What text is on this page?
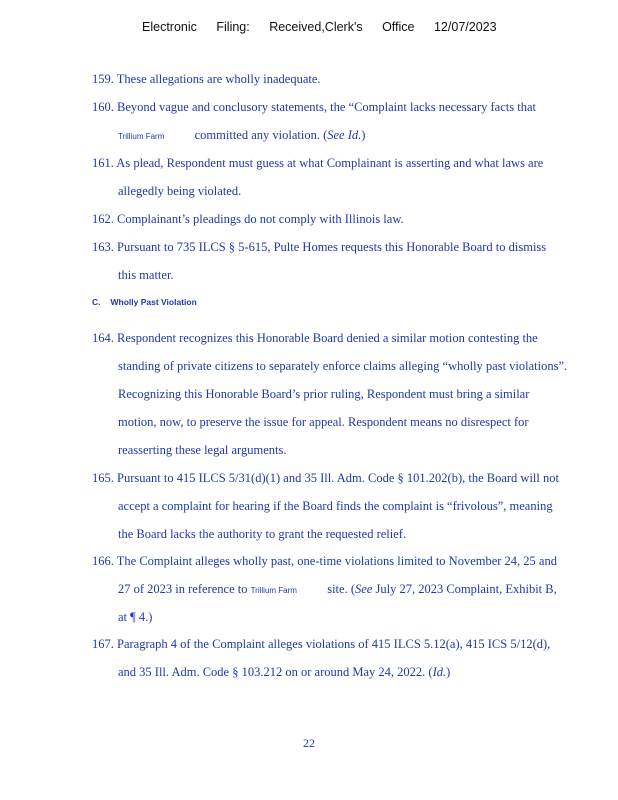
Electronic Filing: Received,Clerk's Office 12/07/2023
159. These allegations are wholly inadequate.
160. Beyond vague and conclusory statements, the “Complaint lacks necessary facts that
Trillium Farm committed any violation. (See Id.)
161. As plead, Respondent must guess at what Complainant is asserting and what laws are
allegedly being violated.
162. Complainant’s pleadings do not comply with Illinois law.
163. Pursuant to 735 ILCS § 5-615, Pulte Homes requests this Honorable Board to dismiss
this matter.
C. Wholly Past Violation
164. Respondent recognizes this Honorable Board denied a similar motion contesting the
standing of private citizens to separately enforce claims alleging “wholly past violations”.
Recognizing this Honorable Board’s prior ruling, Respondent must bring a similar
motion, now, to preserve the issue for appeal. Respondent means no disrespect for
reasserting these legal arguments.
165. Pursuant to 415 ILCS 5/31(d)(1) and 35 Ill. Adm. Code § 101.202(b), the Board will not
accept a complaint for hearing if the Board finds the complaint is “frivolous”, meaning
the Board lacks the authority to grant the requested relief.
166. The Complaint alleges wholly past, one-time violations limited to November 24, 25 and
27 of 2023 in reference to Trillium Farm site. (See July 27, 2023 Complaint, Exhibit B,
at ¶ 4.)
167. Paragraph 4 of the Complaint alleges violations of 415 ILCS 5.12(a), 415 ICS 5/12(d),
and 35 Ill. Adm. Code § 103.212 on or around May 24, 2022. (Id.)
22
